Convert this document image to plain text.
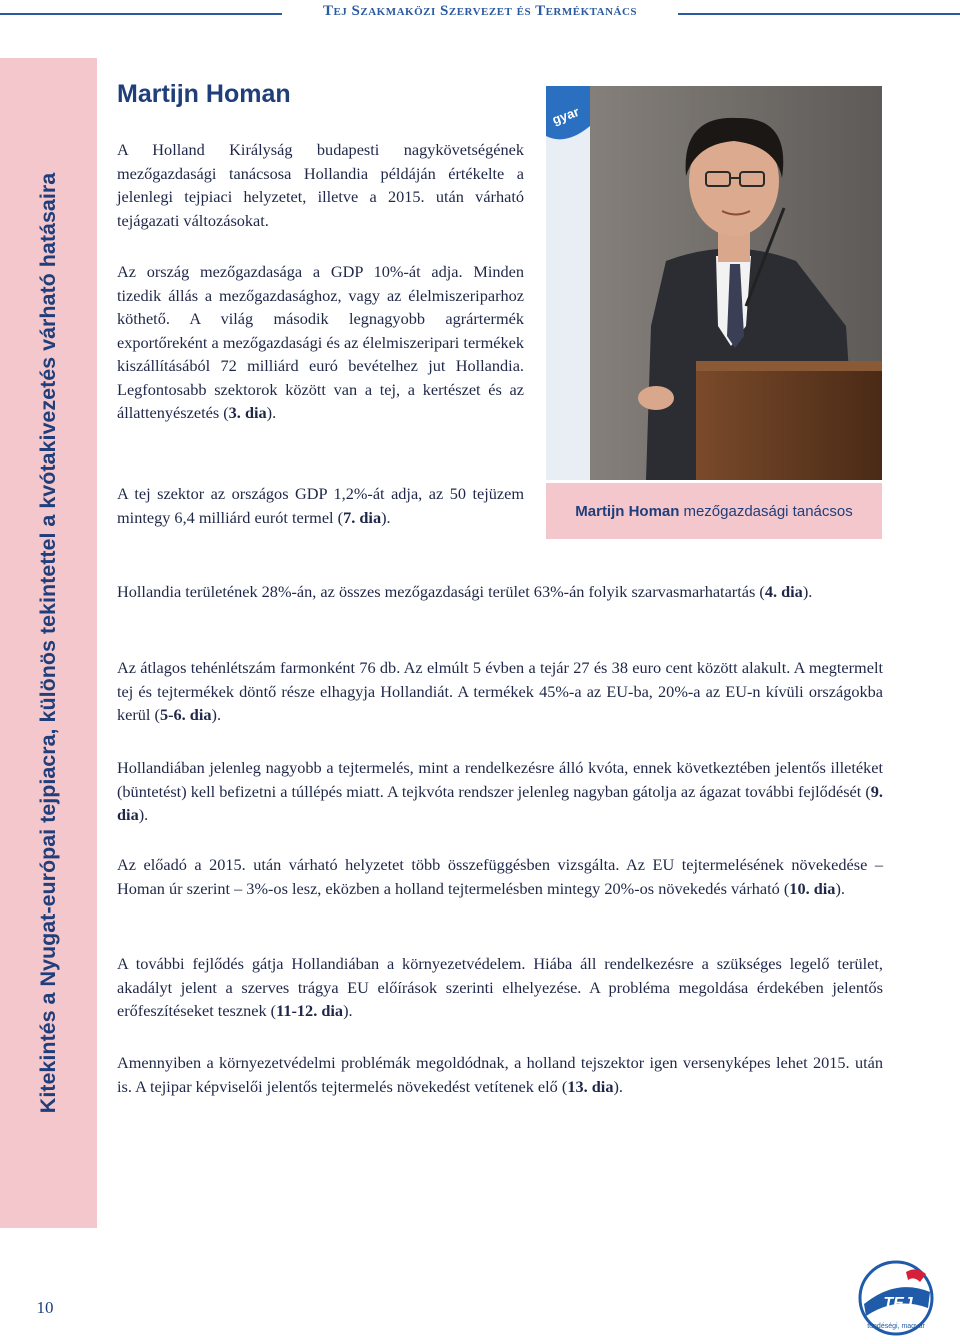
Tej Szakmaközi Szervezet és Terméktanács
Kitekintés a Nyugat-európai tejpiacra, különös tekintettel a kvótakivezetés várható hatásaira
10
Martijn Homan

A Holland Királyság budapesti nagykövetségének mezőgazdasági tanácsosa Hollandia példáján értékelte a jelenlegi tejpiaci helyzetet, illetve a 2015. után várható tejágazati változásokat.

Az ország mezőgazdasága a GDP 10%-át adja. Minden tizedik állás a mezőgazdasághoz, vagy az élelmiszeriparhoz köthető. A világ második legnagyobb agrártermék exportőreként a mezőgazdasági és az élelmiszeripari termékek kiszállításából 72 milliárd euró bevételhez jut Hollandia. Legfontosabb szektorok között van a tej, a kertészet és az állattenyészetés (3. dia).

A tej szektor az országos GDP 1,2%-át adja, az 50 tejüzem mintegy 6,4 milliárd eurót termel (7. dia).

Hollandia területének 28%-án, az összes mezőgazdasági terület 63%-án folyik szarvasmarhatartás (4. dia).

Az átlagos tehénlétszám farmonként 76 db. Az elmúlt 5 évben a tejár 27 és 38 euro cent között alakult. A megtermelt tej és tejtermékek döntő része elhagyja Hollandiát. A termékek 45%-a az EU-ba, 20%-a az EU-n kívüli országokba kerül (5-6. dia).

Hollandiában jelenleg nagyobb a tejtermelés, mint a rendelkezésre álló kvóta, ennek következtében jelentős illetéket (büntetést) kell befizetni a túllépés miatt. A tejkvóta rendszer jelenleg nagyban gátolja az ágazat további fejlődését (9. dia).

Az előadó a 2015. után várható helyzetet több összefüggésben vizsgálta. Az EU tejtermelésének növekedése – Homan úr szerint – 3%-os lesz, eközben a holland tejtermelésben mintegy 20%-os növekedés várható (10. dia).

A további fejlődés gátja Hollandiában a környezetvédelem. Hiába áll rendelkezésre a szükséges legelő terület, akadályt jelent a szerves trágya EU előírások szerinti elhelyezése. A probléma megoldása érdekében jelentős erőfeszítéseket tesznek (11-12. dia).

Amennyiben a környezetvédelmi problémák megoldódnak, a holland tejszektor igen versenyképes lehet 2015. után is. A tejipar képviselői jelentős tejtermelés növekedést vetítenek elő (13. dia).

gyar
Martijn Homan mezőgazdasági tanácsos
TEJ
tündéségi, magyar
